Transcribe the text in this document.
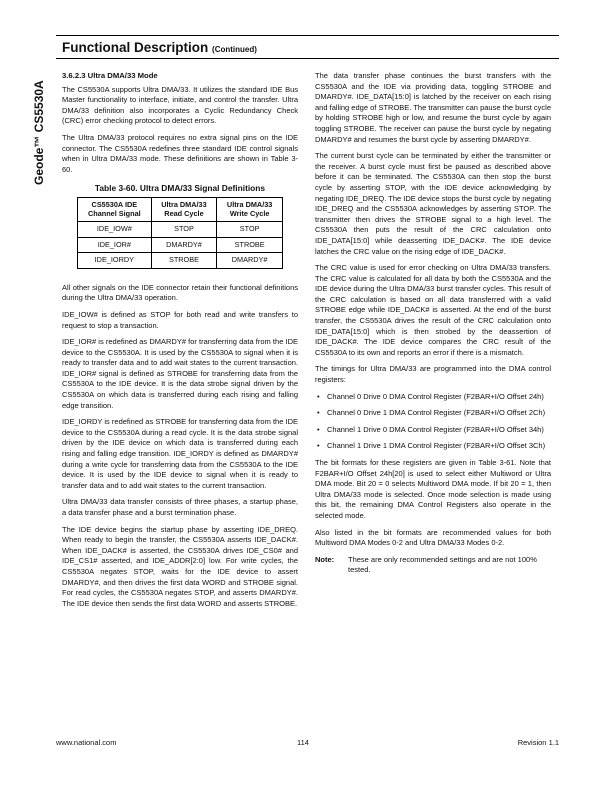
Geode™ CS5530A
Functional Description (Continued)
3.6.2.3 Ultra DMA/33 Mode

The CS5530A supports Ultra DMA/33. It utilizes the standard IDE Bus Master functionality to interface, initiate, and control the transfer. Ultra DMA/33 definition also incorporates a Cyclic Redundancy Check (CRC) error checking protocol to detect errors.

The Ultra DMA/33 protocol requires no extra signal pins on the IDE connector. The CS5530A redefines three standard IDE control signals when in Ultra DMA/33 mode. These definitions are shown in Table 3-60.

Table 3-60. Ultra DMA/33 Signal Definitions
CS5530A IDE Channel Signal	Ultra DMA/33 Read Cycle	Ultra DMA/33 Write Cycle
IDE_IOW#	STOP	STOP
IDE_IOR#	DMARDY#	STROBE
IDE_IORDY	STROBE	DMARDY#

All other signals on the IDE connector retain their functional definitions during the Ultra DMA/33 operation.

IDE_IOW# is defined as STOP for both read and write transfers to request to stop a transaction.

IDE_IOR# is redefined as DMARDY# for transferring data from the IDE device to the CS5530A. It is used by the CS5530A to signal when it is ready to transfer data and to add wait states to the current transaction. IDE_IOR# signal is defined as STROBE for transferring data from the CS5530A to the IDE device. It is the data strobe signal driven by the CS5530A on which data is transferred during each rising and falling edge transition.

IDE_IORDY is redefined as STROBE for transferring data from the IDE device to the CS5530A during a read cycle. It is the data strobe signal driven by the IDE device on which data is transferred during each rising and falling edge transition. IDE_IORDY is defined as DMARDY# during a write cycle for transferring data from the CS5530A to the IDE device. It is used by the IDE device to signal when it is ready to transfer data and to add wait states to the current transaction.

Ultra DMA/33 data transfer consists of three phases, a startup phase, a data transfer phase and a burst termination phase.

The IDE device begins the startup phase by asserting IDE_DREQ. When ready to begin the transfer, the CS5530A asserts IDE_DACK#. When IDE_DACK# is asserted, the CS5530A drives IDE_CS0# and IDE_CS1# asserted, and IDE_ADDR[2:0] low. For write cycles, the CS5530A negates STOP, waits for the IDE device to assert DMARDY#, and then drives the first data WORD and STROBE signal. For read cycles, the CS5530A negates STOP, and asserts DMARDY#. The IDE device then sends the first data WORD and asserts STROBE.

The data transfer phase continues the burst transfers with the CS5530A and the IDE via providing data, toggling STROBE and DMARDY#. IDE_DATA[15:0] is latched by the receiver on each rising and falling edge of STROBE. The transmitter can pause the burst cycle by holding STROBE high or low, and resume the burst cycle by again toggling STROBE. The receiver can pause the burst cycle by negating DMARDY# and resumes the burst cycle by asserting DMARDY#.

The current burst cycle can be terminated by either the transmitter or the receiver. A burst cycle must first be paused as described above before it can be terminated. The CS5530A can then stop the burst cycle by asserting STOP, with the IDE device acknowledging by negating IDE_DREQ. The IDE device stops the burst cycle by negating IDE_DREQ and the CS5530A acknowledges by asserting STOP. The transmitter then drives the STROBE signal to a high level. The CS5530A then puts the result of the CRC calculation onto IDE_DATA[15:0] while deasserting IDE_DACK#. The IDE device latches the CRC value on the rising edge of IDE_DACK#.

The CRC value is used for error checking on Ultra DMA/33 transfers. The CRC value is calculated for all data by both the CS5530A and the IDE device during the Ultra DMA/33 burst transfer cycles. This result of the CRC calculation is based on all data transferred with a valid STROBE edge while IDE_DACK# is asserted. At the end of the burst transfer, the CS5530A drives the result of the CRC calculation onto IDE_DATA[15:0] which is then strobed by the deassertion of IDE_DACK#. The IDE device compares the CRC result of the CS5530A to its own and reports an error if there is a mismatch.

The timings for Ultra DMA/33 are programmed into the DMA control registers:

• Channel 0 Drive 0 DMA Control Register (F2BAR+I/O Offset 24h)
• Channel 0 Drive 1 DMA Control Register (F2BAR+I/O Offset 2Ch)
• Channel 1 Drive 0 DMA Control Register (F2BAR+I/O Offset 34h)
• Channel 1 Drive 1 DMA Control Register (F2BAR+I/O Offset 3Ch)

The bit formats for these registers are given in Table 3-61. Note that F2BAR+I/O Offset 24h[20] is used to select either Multiword or Ultra DMA mode. Bit 20 = 0 selects Multiword DMA mode. If bit 20 = 1, then Ultra DMA/33 mode is selected. Once mode selection is made using this bit, the remaining DMA Control Registers also operate in the selected mode.

Also listed in the bit formats are recommended values for both Multiword DMA Modes 0-2 and Ultra DMA/33 Modes 0-2.

Note:	These are only recommended settings and are not 100% tested.
www.national.com	114	Revision 1.1
